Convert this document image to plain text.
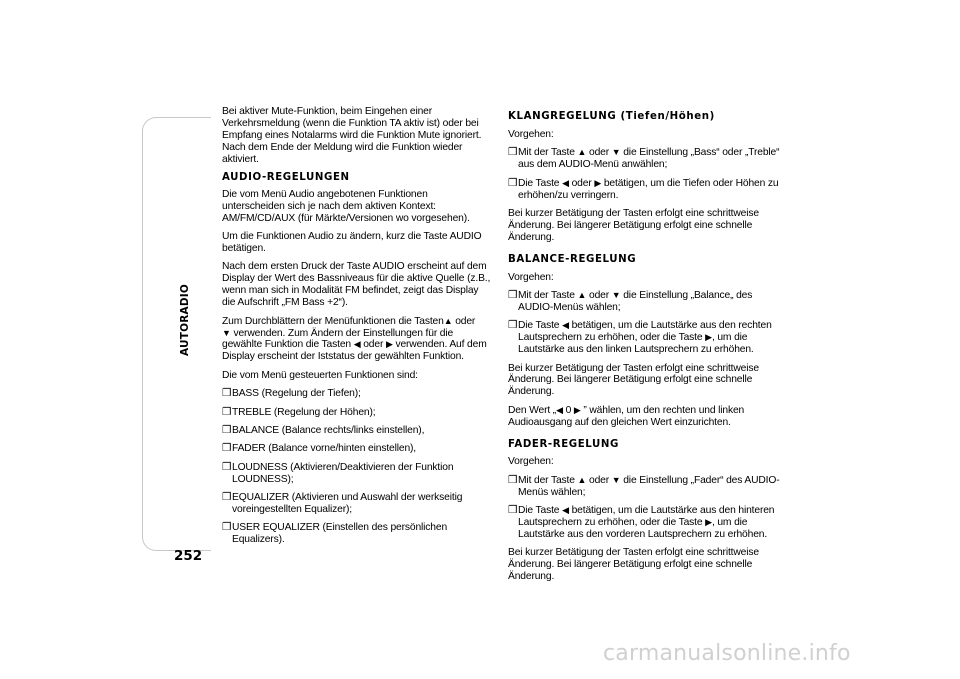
AUTORADIO
252

Bei aktiver Mute-Funktion, beim Eingehen einer Verkehrsmeldung (wenn die Funktion TA aktiv ist) oder bei Empfang eines Notalarms wird die Funktion Mute ignoriert. Nach dem Ende der Meldung wird die Funktion wieder aktiviert.

AUDIO-REGELUNGEN

Die vom Menü Audio angebotenen Funktionen unterscheiden sich je nach dem aktiven Kontext: AM/FM/CD/AUX (für Märkte/Versionen wo vorgesehen).

Um die Funktionen Audio zu ändern, kurz die Taste AUDIO betätigen.

Nach dem ersten Druck der Taste AUDIO erscheint auf dem Display der Wert des Bassniveaus für die aktive Quelle (z.B., wenn man sich in Modalität FM befindet, zeigt das Display die Aufschrift „FM Bass +2“).

Zum Durchblättern der Menüfunktionen die Tasten▲ oder
▼ verwenden. Zum Ändern der Einstellungen für die gewählte Funktion die Tasten ◀ oder ▶ verwenden. Auf dem Display erscheint der Iststatus der gewählten Funktion.

Die vom Menü gesteuerten Funktionen sind:

❒ BASS (Regelung der Tiefen);
❒ TREBLE (Regelung der Höhen);
❒ BALANCE (Balance rechts/links einstellen),
❒ FADER (Balance vorne/hinten einstellen),
❒ LOUDNESS (Aktivieren/Deaktivieren der Funktion LOUDNESS);
❒ EQUALIZER (Aktivieren und Auswahl der werkseitig voreingestellten Equalizer);
❒ USER EQUALIZER (Einstellen des persönlichen Equalizers).
KLANGREGELUNG (Tiefen/Höhen)

Vorgehen:

❒ Mit der Taste ▲ oder ▼ die Einstellung „Bass“ oder „Treble“ aus dem AUDIO-Menü anwählen;
❒ Die Taste ◀ oder ▶ betätigen, um die Tiefen oder Höhen zu erhöhen/zu verringern.

Bei kurzer Betätigung der Tasten erfolgt eine schrittweise Änderung. Bei längerer Betätigung erfolgt eine schnelle Änderung.

BALANCE-REGELUNG

Vorgehen:

❒ Mit der Taste ▲ oder ▼ die Einstellung „Balance„ des AUDIO-Menüs wählen;
❒ Die Taste ◀ betätigen, um die Lautstärke aus den rechten Lautsprechern zu erhöhen, oder die Taste ▶, um die Lautstärke aus den linken Lautsprechern zu erhöhen.

Bei kurzer Betätigung der Tasten erfolgt eine schrittweise Änderung. Bei längerer Betätigung erfolgt eine schnelle Änderung.

Den Wert „◀ 0 ▶ ” wählen, um den rechten und linken Audioausgang auf den gleichen Wert einzurichten.

FADER-REGELUNG

Vorgehen:

❒ Mit der Taste ▲ oder ▼ die Einstellung „Fader“ des AUDIO-Menüs wählen;
❒ Die Taste ◀ betätigen, um die Lautstärke aus den hinteren Lautsprechern zu erhöhen, oder die Taste ▶, um die Lautstärke aus den vorderen Lautsprechern zu erhöhen.

Bei kurzer Betätigung der Tasten erfolgt eine schrittweise Änderung. Bei längerer Betätigung erfolgt eine schnelle Änderung.

carmanualsonline.info
